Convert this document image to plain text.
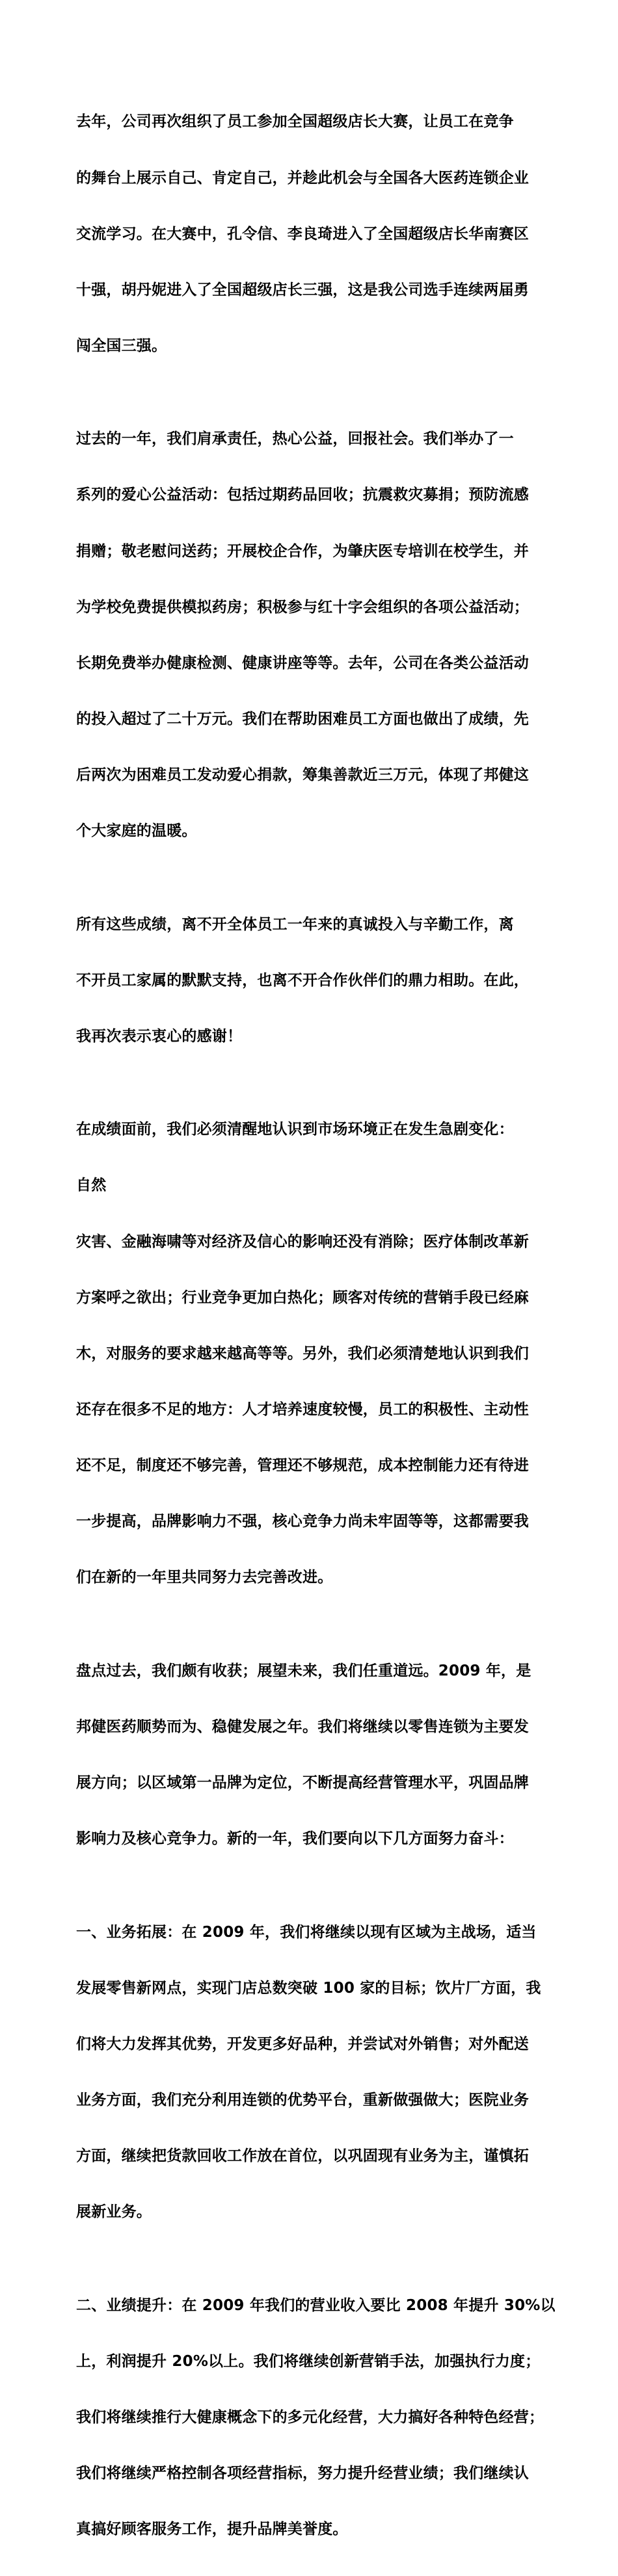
去年，公司再次组织了员工参加全国超级店长大赛，让员工在竞争

的舞台上展示自己、肯定自己，并趁此机会与全国各大医药连锁企业

交流学习。在大赛中，孔令信、李良琦进入了全国超级店长华南赛区

十强，胡丹妮进入了全国超级店长三强，这是我公司选手连续两届勇

闯全国三强。

过去的一年，我们肩承责任，热心公益，回报社会。我们举办了一

系列的爱心公益活动：包括过期药品回收；抗震救灾募捐；预防流感

捐赠；敬老慰问送药；开展校企合作，为肇庆医专培训在校学生，并

为学校免费提供模拟药房；积极参与红十字会组织的各项公益活动；

长期免费举办健康检测、健康讲座等等。去年，公司在各类公益活动

的投入超过了二十万元。我们在帮助困难员工方面也做出了成绩，先

后两次为困难员工发动爱心捐款，筹集善款近三万元，体现了邦健这

个大家庭的温暖。

所有这些成绩，离不开全体员工一年来的真诚投入与辛勤工作，离

不开员工家属的默默支持，也离不开合作伙伴们的鼎力相助。在此，

我再次表示衷心的感谢！

在成绩面前，我们必须清醒地认识到市场环境正在发生急剧变化：

自然

灾害、金融海啸等对经济及信心的影响还没有消除；医疗体制改革新

方案呼之欲出；行业竞争更加白热化；顾客对传统的营销手段已经麻

木，对服务的要求越来越高等等。另外，我们必须清楚地认识到我们

还存在很多不足的地方：人才培养速度较慢，员工的积极性、主动性

还不足，制度还不够完善，管理还不够规范，成本控制能力还有待进

一步提高，品牌影响力不强，核心竞争力尚未牢固等等，这都需要我

们在新的一年里共同努力去完善改进。

盘点过去，我们颇有收获；展望未来，我们任重道远。2009 年，是

邦健医药顺势而为、稳健发展之年。我们将继续以零售连锁为主要发

展方向；以区域第一品牌为定位，不断提高经营管理水平，巩固品牌

影响力及核心竞争力。新的一年，我们要向以下几方面努力奋斗：

一、业务拓展：在 2009 年，我们将继续以现有区域为主战场，适当

发展零售新网点，实现门店总数突破 100 家的目标；饮片厂方面，我

们将大力发挥其优势，开发更多好品种，并尝试对外销售；对外配送

业务方面，我们充分利用连锁的优势平台，重新做强做大；医院业务

方面，继续把货款回收工作放在首位，以巩固现有业务为主，谨慎拓

展新业务。

二、业绩提升：在 2009 年我们的营业收入要比 2008 年提升 30%以

上，利润提升 20%以上。我们将继续创新营销手法，加强执行力度；

我们将继续推行大健康概念下的多元化经营，大力搞好各种特色经营；

我们将继续严格控制各项经营指标，努力提升经营业绩；我们继续认

真搞好顾客服务工作，提升品牌美誉度。
